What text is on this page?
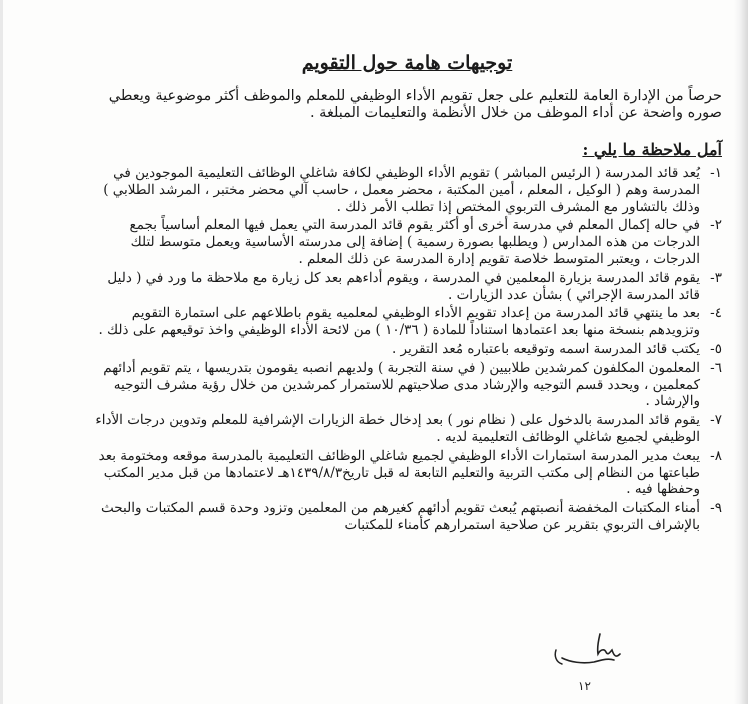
توجيهات هامة حول التقويم

حرصاً من الإدارة العامة للتعليم على جعل تقويم الأداء الوظيفي للمعلم والموظف أكثر موضوعية ويعطي صوره واضحة عن أداء الموظف من خلال الأنظمة والتعليمات المبلغة .

آمل ملاحظة ما يلي :
١-
يُعد قائد المدرسة ( الرئيس المباشر ) تقويم الأداء الوظيفي لكافة شاغلي الوظائف التعليمية الموجودين في المدرسة وهم ( الوكيل ، المعلم ، أمين المكتبة ، محضر معمل ، حاسب آلي محضر مختبر ، المرشد الطلابي ) وذلك بالتشاور مع المشرف التربوي المختص إذا تطلب الأمر ذلك .
٢-
في حاله إكمال المعلم في مدرسة أخرى أو أكثر يقوم قائد المدرسة التي يعمل فيها المعلم أساسياً بجمع الدرجات من هذه المدارس ( ويطلبها بصورة رسمية ) إضافة إلى مدرسته الأساسية ويعمل متوسط لتلك الدرجات ، ويعتبر المتوسط خلاصة تقويم إدارة المدرسة عن ذلك المعلم .
٣-
يقوم قائد المدرسة بزيارة المعلمين في المدرسة ، ويقوم أداءهم بعد كل زيارة مع ملاحظة ما ورد في ( دليل قائد المدرسة الإجرائي ) بشأن عدد الزيارات .
٤-
بعد ما ينتهي قائد المدرسة من إعداد تقويم الأداء الوظيفي لمعلميه يقوم باطلاعهم على استمارة التقويم وتزويدهم بنسخة منها بعد اعتمادها استناداً للمادة ( ١٠/٣٦ ) من لائحة الأداء الوظيفي واخذ توقيعهم على ذلك .
٥-
يكتب قائد المدرسة اسمه وتوقيعه باعتباره مُعد التقرير .
٦-
المعلمون المكلفون كمرشدين طلابيين ( في سنة التجربة ) ولديهم انصبه يقومون بتدريسها ، يتم تقويم أدائهم كمعلمين ، ويحدد قسم التوجيه والإرشاد مدى صلاحيتهم للاستمرار كمرشدين من خلال رؤية مشرف التوجيه والإرشاد .
٧-
يقوم قائد المدرسة بالدخول على ( نظام نور ) بعد إدخال خطة الزيارات الإشرافية للمعلم وتدوين درجات الأداء الوظيفي لجميع شاغلي الوظائف التعليمية لديه .
٨-
يبعث مدير المدرسة استمارات الأداء الوظيفي لجميع شاغلي الوظائف التعليمية بالمدرسة موقعه ومختومة بعد طباعتها من النظام إلى مكتب التربية والتعليم التابعة له قبل تاريخ١٤٣٩/٨/٣هـ لاعتمادها من قبل مدير المكتب وحفظها فيه .
٩-
أمناء المكتبات المخفضة أنصبتهم يُبعث تقويم أدائهم كغيرهم من المعلمين وتزود وحدة قسم المكتبات والبحث بالإشراف التربوي بتقرير عن صلاحية استمرارهم كأمناء للمكتبات
١٢
